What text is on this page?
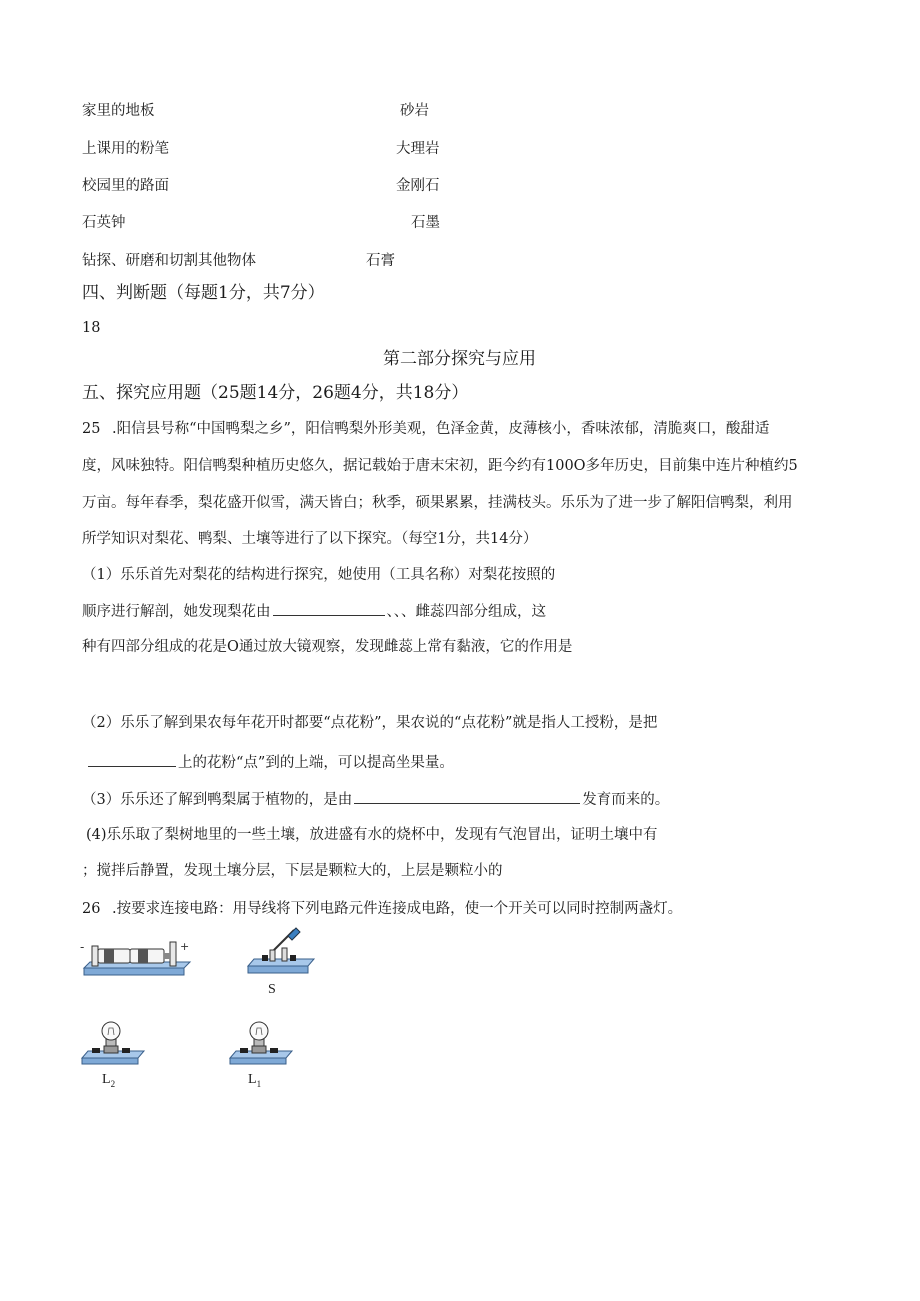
家里的地板	砂岩
上课用的粉笔	大理岩
校园里的路面	金刚石
石英钟	石墨
钻探、研磨和切割其他物体	石膏
四、判断题（每题1分，共7分）
18
第二部分探究与应用
五、探究应用题（25题14分，26题4分，共18分）
25 .阳信县号称“中国鸭梨之乡”，阳信鸭梨外形美观，色泽金黄，皮薄核小，香味浓郁，清脆爽口，酸甜适
度，风味独特。阳信鸭梨种植历史悠久，据记载始于唐末宋初，距今约有100O多年历史，目前集中连片种植约5
万亩。每年春季，梨花盛开似雪，满天皆白；秋季，硕果累累，挂满枝头。乐乐为了进一步了解阳信鸭梨，利用
所学知识对梨花、鸭梨、土壤等进行了以下探究。（每空1分，共14分）
（1）乐乐首先对梨花的结构进行探究，她使用（工具名称）对梨花按照的
顺序进行解剖，她发现梨花由	、、、雌蕊四部分组成，这
种有四部分组成的花是O通过放大镜观察，发现雌蕊上常有黏液，它的作用是
（2）乐乐了解到果农每年花开时都要“点花粉”，果农说的“点花粉”就是指人工授粉，是把
上的花粉“点”到的上端，可以提高坐果量。
（3）乐乐还了解到鸭梨属于植物的，是由	发育而来的。
(4)乐乐取了梨树地里的一些土壤，放进盛有水的烧杯中，发现有气泡冒出，证明土壤中有
；搅拌后静置，发现土壤分层，下层是颗粒大的，上层是颗粒小的
26 .按要求连接电路：用导线将下列电路元件连接成电路，使一个开关可以同时控制两盏灯。
-	+
S
$L_2$	$L_1$
